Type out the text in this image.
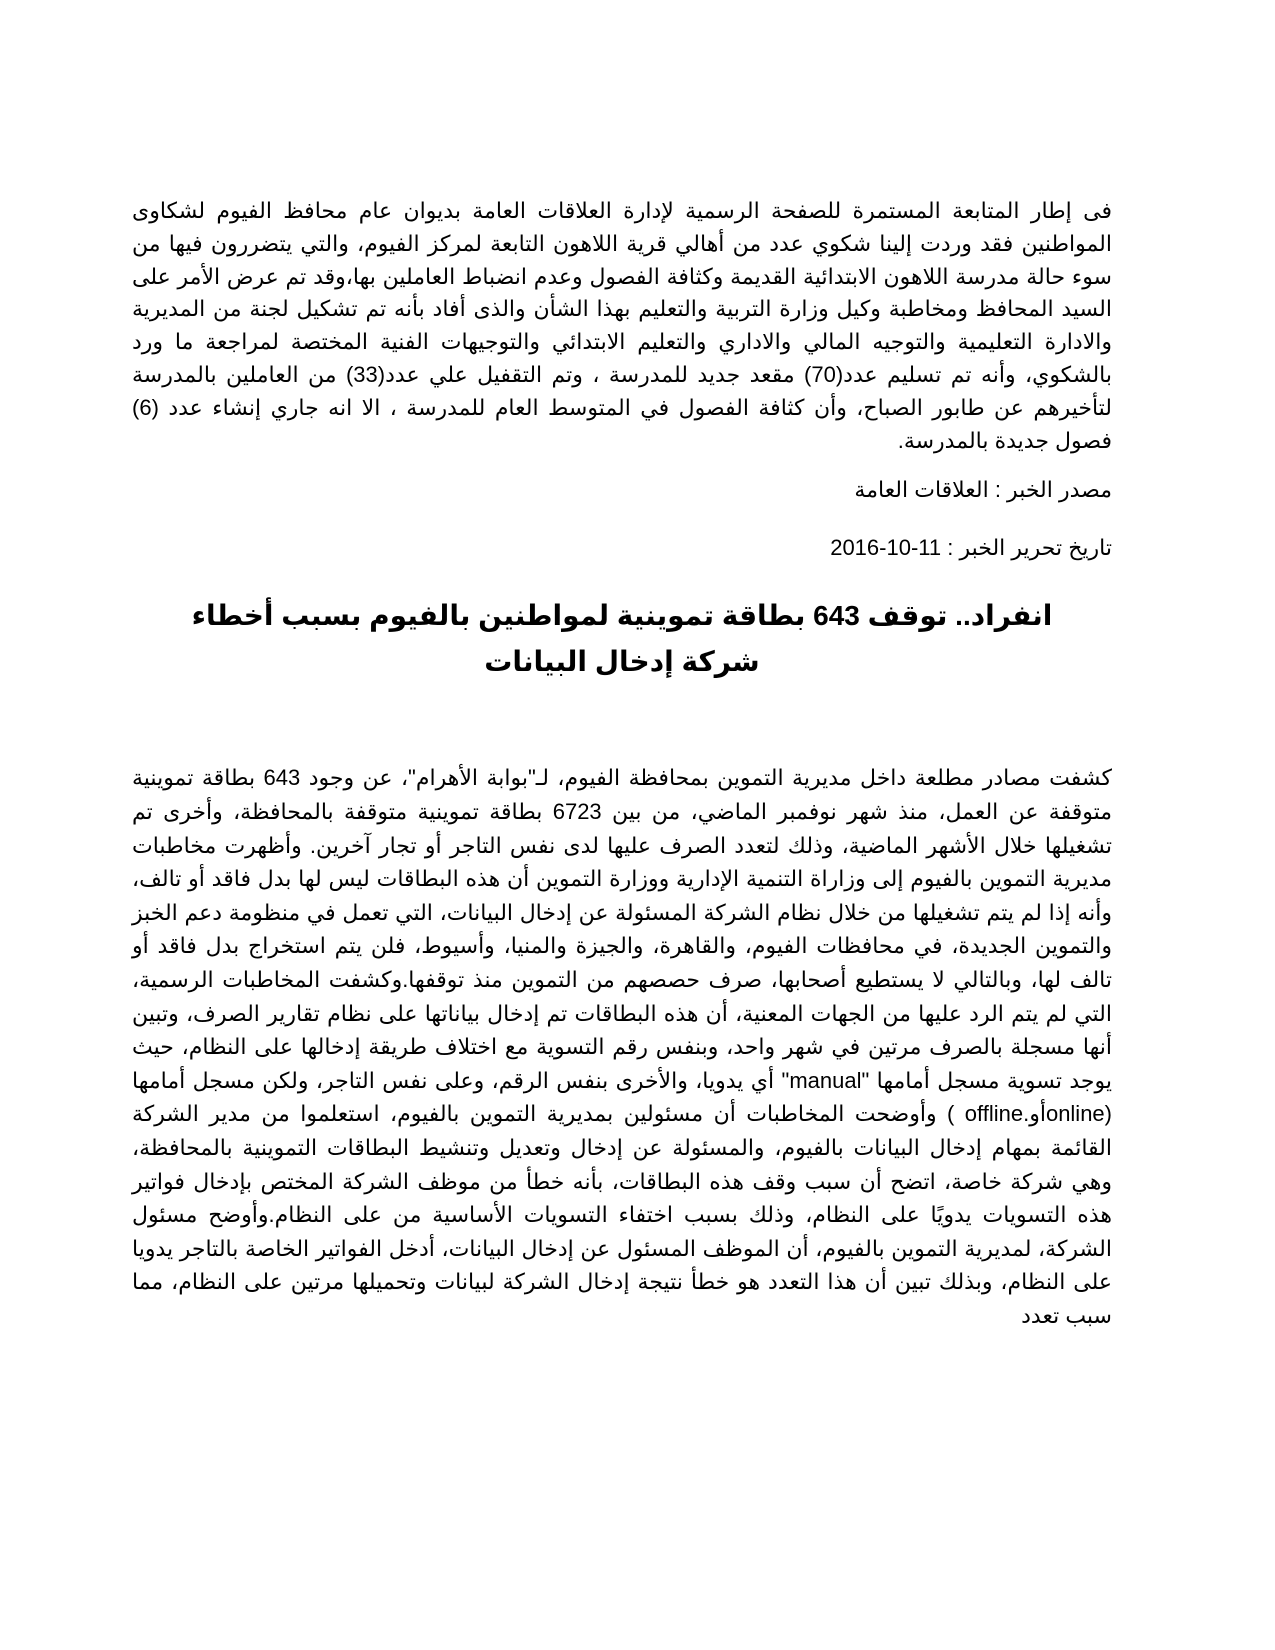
فى إطار المتابعة المستمرة للصفحة الرسمية لإدارة العلاقات العامة بديوان عام محافظ الفيوم لشكاوى المواطنين فقد وردت إلينا شكوي عدد من أهالي قرية اللاهون التابعة لمركز الفيوم، والتي يتضررون فيها من سوء حالة مدرسة اللاهون الابتدائية القديمة وكثافة الفصول وعدم انضباط العاملين بها،وقد تم عرض الأمر على السيد المحافظ ومخاطبة وكيل وزارة التربية والتعليم بهذا الشأن والذى أفاد بأنه تم تشكيل لجنة من المديرية والادارة التعليمية والتوجيه المالي والاداري والتعليم الابتدائي والتوجيهات الفنية المختصة لمراجعة ما ورد بالشكوي، وأنه تم تسليم عدد(70) مقعد جديد للمدرسة ، وتم التقفيل علي عدد(33) من العاملين بالمدرسة لتأخيرهم عن طابور الصباح، وأن كثافة الفصول في المتوسط العام للمدرسة ، الا انه جاري إنشاء عدد (6) فصول جديدة بالمدرسة.

مصدر الخبر : العلاقات العامة

تاريخ تحرير الخبر : 11-10-2016

انفراد.. توقف 643 بطاقة تموينية لمواطنين بالفيوم بسبب أخطاء شركة إدخال البيانات

كشفت مصادر مطلعة داخل مديرية التموين بمحافظة الفيوم، لـ"بوابة الأهرام"، عن وجود 643 بطاقة تموينية متوقفة عن العمل، منذ شهر نوفمبر الماضي، من بين 6723 بطاقة تموينية متوقفة بالمحافظة، وأخرى تم تشغيلها خلال الأشهر الماضية، وذلك لتعدد الصرف عليها لدى نفس التاجر أو تجار آخرين. وأظهرت مخاطبات مديرية التموين بالفيوم إلى وزاراة التنمية الإدارية ووزارة التموين أن هذه البطاقات ليس لها بدل فاقد أو تالف، وأنه إذا لم يتم تشغيلها من خلال نظام الشركة المسئولة عن إدخال البيانات، التي تعمل في منظومة دعم الخبز والتموين الجديدة، في محافظات الفيوم، والقاهرة، والجيزة والمنيا، وأسيوط، فلن يتم استخراج بدل فاقد أو تالف لها، وبالتالي لا يستطيع أصحابها، صرف حصصهم من التموين منذ توقفها.وكشفت المخاطبات الرسمية، التي لم يتم الرد عليها من الجهات المعنية، أن هذه البطاقات تم إدخال بياناتها على نظام تقارير الصرف، وتبين أنها مسجلة بالصرف مرتين في شهر واحد، وبنفس رقم التسوية مع اختلاف طريقة إدخالها على النظام، حيث يوجد تسوية مسجل أمامها "manual" أي يدويا، والأخرى بنفس الرقم، وعلى نفس التاجر، ولكن مسجل أمامها (onlineأو.offline ) وأوضحت المخاطبات أن مسئولين بمديرية التموين بالفيوم، استعلموا من مدير الشركة القائمة بمهام إدخال البيانات بالفيوم، والمسئولة عن إدخال وتعديل وتنشيط البطاقات التموينية بالمحافظة، وهي شركة خاصة، اتضح أن سبب وقف هذه البطاقات، بأنه خطأ من موظف الشركة المختص بإدخال فواتير هذه التسويات يدويًا على النظام، وذلك بسبب اختفاء التسويات الأساسية من على النظام.وأوضح مسئول الشركة، لمديرية التموين بالفيوم، أن الموظف المسئول عن إدخال البيانات، أدخل الفواتير الخاصة بالتاجر يدويا على النظام، وبذلك تبين أن هذا التعدد هو خطأ نتيجة إدخال الشركة لبيانات وتحميلها مرتين على النظام، مما سبب تعدد
